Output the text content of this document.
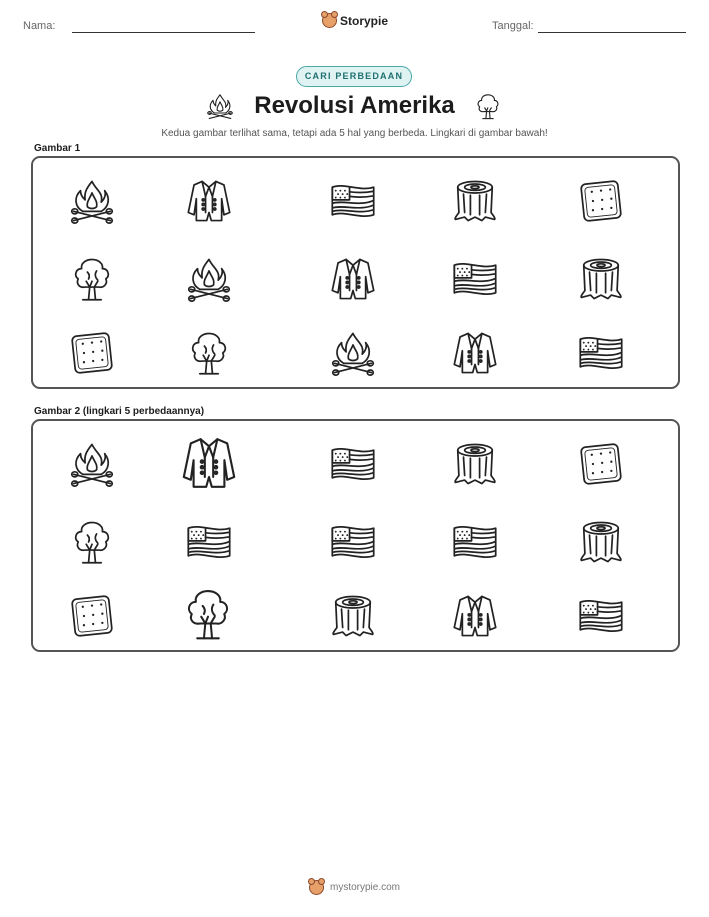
Nama:	Storypie	Tanggal:
CARI PERBEDAAN
Revolusi Amerika
Kedua gambar terlihat sama, tetapi ada 5 hal yang berbeda. Lingkari di gambar bawah!
Gambar 1
Gambar 2 (lingkari 5 perbedaannya)
mystorypie.com
